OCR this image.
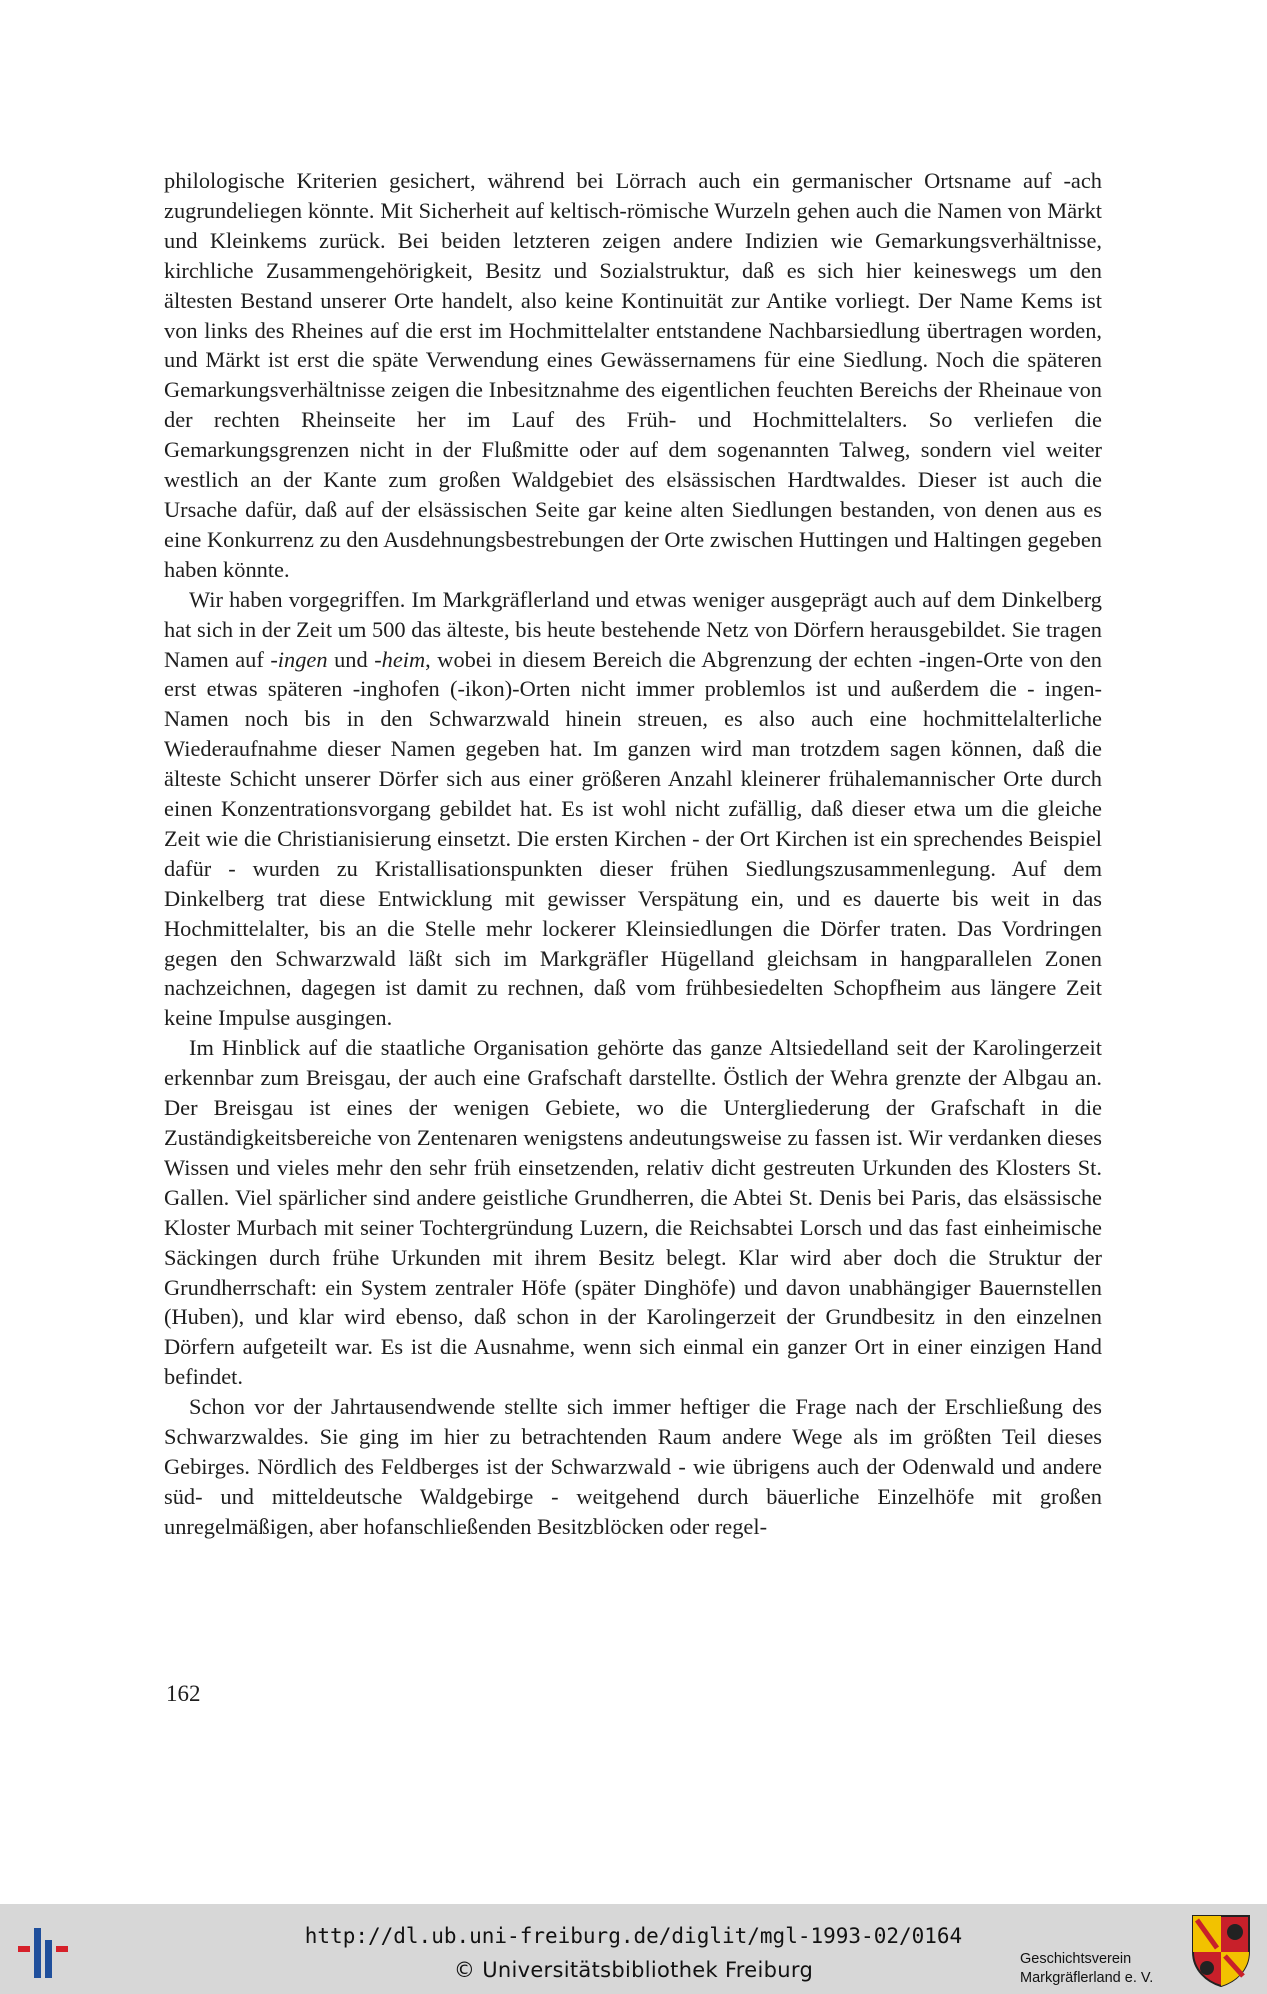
philologische Kriterien gesichert, während bei Lörrach auch ein germanischer Ortsname auf -ach zugrundeliegen könnte. Mit Sicherheit auf keltisch-römische Wurzeln gehen auch die Namen von Märkt und Kleinkems zurück. Bei beiden letzteren zeigen andere Indizien wie Gemarkungsverhältnisse, kirchliche Zusammengehörigkeit, Besitz und Sozialstruktur, daß es sich hier keineswegs um den ältesten Bestand unserer Orte handelt, also keine Kontinuität zur Antike vorliegt. Der Name Kems ist von links des Rheines auf die erst im Hochmittelalter entstandene Nachbarsiedlung übertragen worden, und Märkt ist erst die späte Verwendung eines Gewässernamens für eine Siedlung. Noch die späteren Gemarkungsverhältnisse zeigen die Inbesitznahme des eigentlichen feuchten Bereichs der Rheinaue von der rechten Rheinseite her im Lauf des Früh- und Hochmittelalters. So verliefen die Gemarkungsgrenzen nicht in der Flußmitte oder auf dem sogenannten Talweg, sondern viel weiter westlich an der Kante zum großen Waldgebiet des elsässischen Hardtwaldes. Dieser ist auch die Ursache dafür, daß auf der elsässischen Seite gar keine alten Siedlungen bestanden, von denen aus es eine Konkurrenz zu den Ausdehnungsbestrebungen der Orte zwischen Huttingen und Haltingen gegeben haben könnte.

Wir haben vorgegriffen. Im Markgräflerland und etwas weniger ausgeprägt auch auf dem Dinkelberg hat sich in der Zeit um 500 das älteste, bis heute bestehende Netz von Dörfern herausgebildet. Sie tragen Namen auf -ingen und -heim, wobei in diesem Bereich die Abgrenzung der echten -ingen-Orte von den erst etwas späteren -inghofen (-ikon)-Orten nicht immer problemlos ist und außerdem die - ingen-Namen noch bis in den Schwarzwald hinein streuen, es also auch eine hochmittelalterliche Wiederaufnahme dieser Namen gegeben hat. Im ganzen wird man trotzdem sagen können, daß die älteste Schicht unserer Dörfer sich aus einer größeren Anzahl kleinerer frühalemannischer Orte durch einen Konzentrationsvorgang gebildet hat. Es ist wohl nicht zufällig, daß dieser etwa um die gleiche Zeit wie die Christianisierung einsetzt. Die ersten Kirchen - der Ort Kirchen ist ein sprechendes Beispiel dafür - wurden zu Kristallisationspunkten dieser frühen Siedlungszusammenlegung. Auf dem Dinkelberg trat diese Entwicklung mit gewisser Verspätung ein, und es dauerte bis weit in das Hochmittelalter, bis an die Stelle mehr lockerer Kleinsiedlungen die Dörfer traten. Das Vordringen gegen den Schwarzwald läßt sich im Markgräfler Hügelland gleichsam in hangparallelen Zonen nachzeichnen, dagegen ist damit zu rechnen, daß vom frühbesiedelten Schopfheim aus längere Zeit keine Impulse ausgingen.

Im Hinblick auf die staatliche Organisation gehörte das ganze Altsiedelland seit der Karolingerzeit erkennbar zum Breisgau, der auch eine Grafschaft darstellte. Östlich der Wehra grenzte der Albgau an. Der Breisgau ist eines der wenigen Gebiete, wo die Untergliederung der Grafschaft in die Zuständigkeitsbereiche von Zentenaren wenigstens andeutungsweise zu fassen ist. Wir verdanken dieses Wissen und vieles mehr den sehr früh einsetzenden, relativ dicht gestreuten Urkunden des Klosters St. Gallen. Viel spärlicher sind andere geistliche Grundherren, die Abtei St. Denis bei Paris, das elsässische Kloster Murbach mit seiner Tochtergründung Luzern, die Reichsabtei Lorsch und das fast einheimische Säckingen durch frühe Urkunden mit ihrem Besitz belegt. Klar wird aber doch die Struktur der Grundherrschaft: ein System zentraler Höfe (später Dinghöfe) und davon unabhängiger Bauernstellen (Huben), und klar wird ebenso, daß schon in der Karolingerzeit der Grundbesitz in den einzelnen Dörfern aufgeteilt war. Es ist die Ausnahme, wenn sich einmal ein ganzer Ort in einer einzigen Hand befindet.

Schon vor der Jahrtausendwende stellte sich immer heftiger die Frage nach der Erschließung des Schwarzwaldes. Sie ging im hier zu betrachtenden Raum andere Wege als im größten Teil dieses Gebirges. Nördlich des Feldberges ist der Schwarzwald - wie übrigens auch der Odenwald und andere süd- und mitteldeutsche Waldgebirge - weitgehend durch bäuerliche Einzelhöfe mit großen unregelmäßigen, aber hofanschließenden Besitzblöcken oder regel-

162
http://dl.ub.uni-freiburg.de/diglit/mgl-1993-02/0164
© Universitätsbibliothek Freiburg	Geschichtsverein
Markgräflerland e. V.
